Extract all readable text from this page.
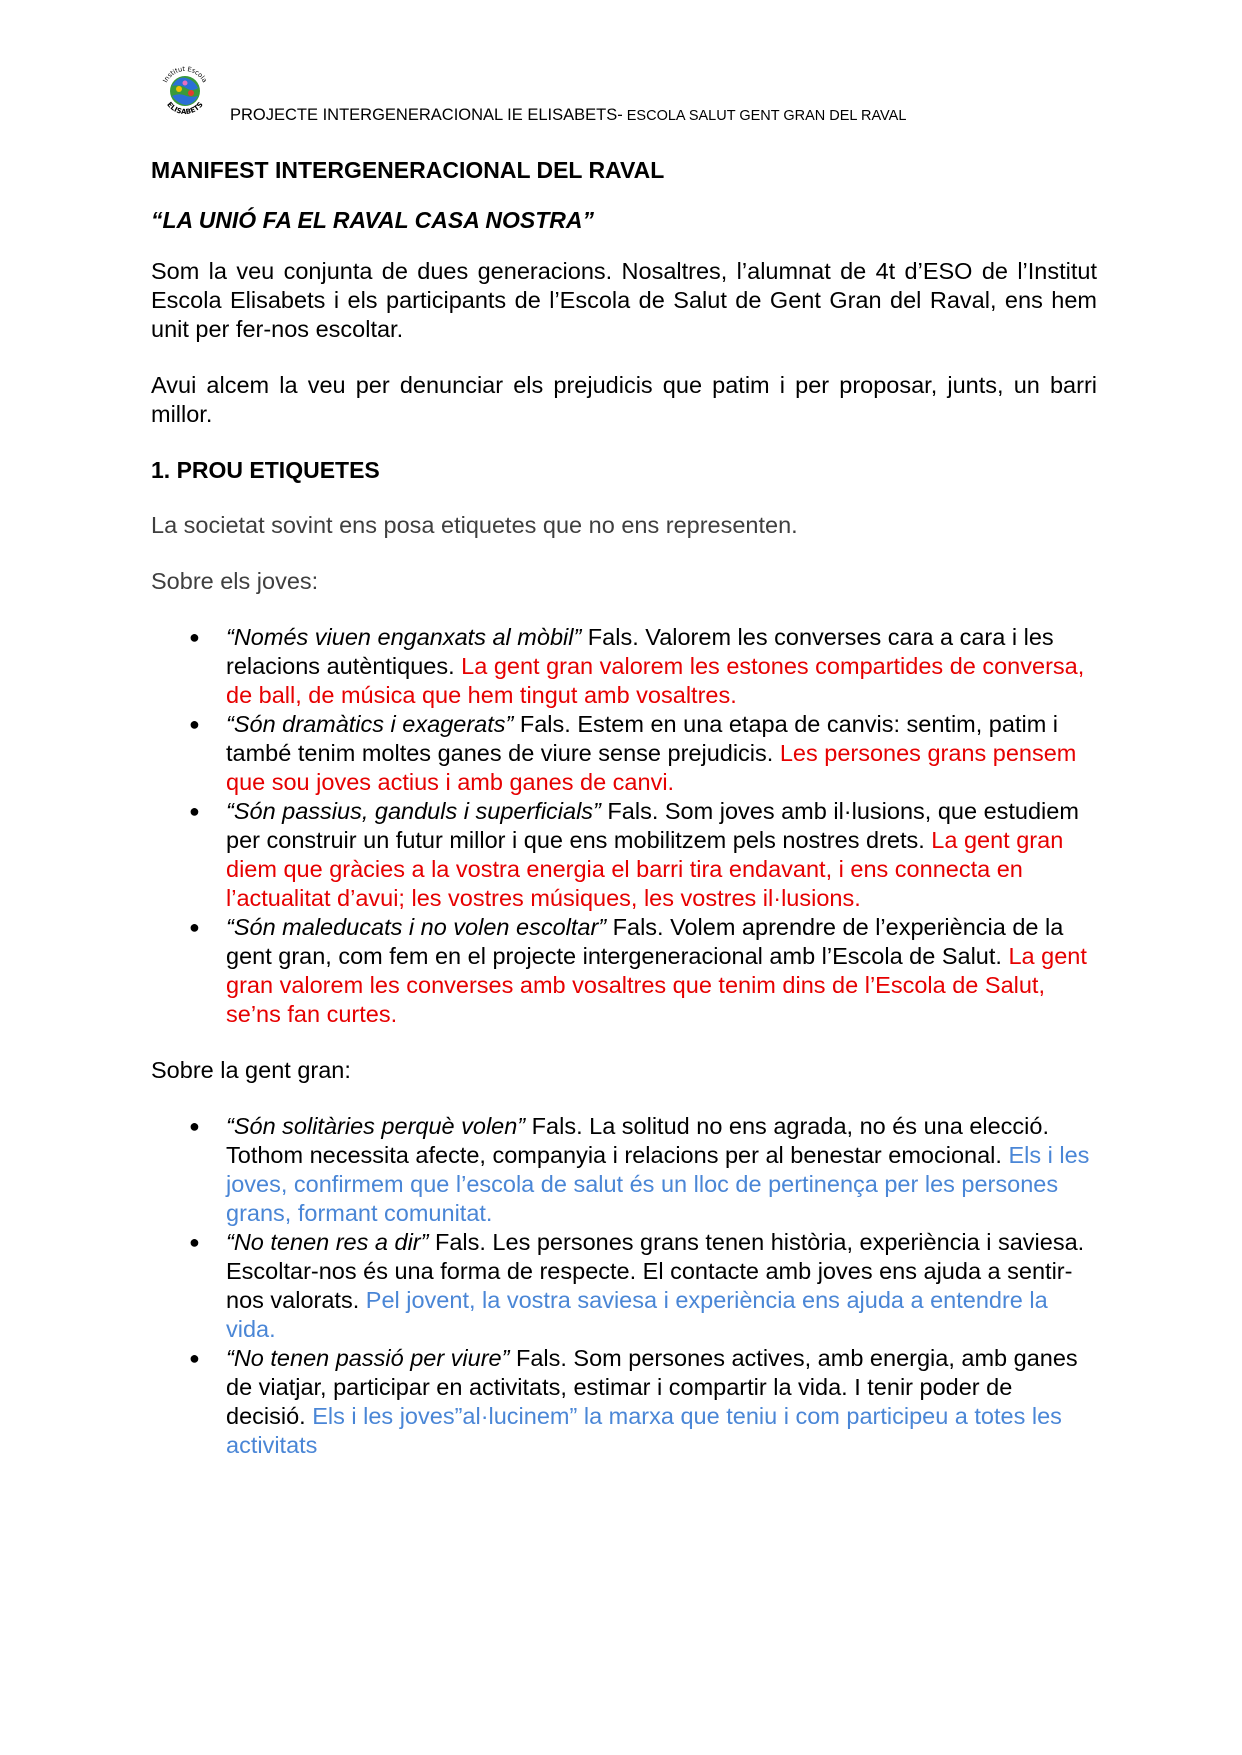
Institut Escola
ELISABETS
PROJECTE INTERGENERACIONAL IE ELISABETS- ESCOLA SALUT GENT GRAN DEL RAVAL
MANIFEST INTERGENERACIONAL DEL RAVAL
“LA UNIÓ FA EL RAVAL CASA NOSTRA”

Som la veu conjunta de dues generacions. Nosaltres, l’alumnat de 4t d’ESO de l’Institut Escola Elisabets i els participants de l’Escola de Salut de Gent Gran del Raval, ens hem unit per fer-nos escoltar.

Avui alcem la veu per denunciar els prejudicis que patim i per proposar, junts, un barri millor.

1. PROU ETIQUETES

La societat sovint ens posa etiquetes que no ens representen.

Sobre els joves:

● “Només viuen enganxats al mòbil” Fals. Valorem les converses cara a cara i les relacions autèntiques. La gent gran valorem les estones compartides de conversa, de ball, de música que hem tingut amb vosaltres.
● “Són dramàtics i exagerats” Fals. Estem en una etapa de canvis: sentim, patim i també tenim moltes ganes de viure sense prejudicis. Les persones grans pensem que sou joves actius i amb ganes de canvi.
● “Són passius, ganduls i superficials” Fals. Som joves amb il·lusions, que estudiem per construir un futur millor i que ens mobilitzem pels nostres drets. La gent gran diem que gràcies a la vostra energia el barri tira endavant, i ens connecta en l’actualitat d’avui; les vostres músiques, les vostres il·lusions.
● “Són maleducats i no volen escoltar” Fals. Volem aprendre de l’experiència de la gent gran, com fem en el projecte intergeneracional amb l’Escola de Salut. La gent gran valorem les converses amb vosaltres que tenim dins de l’Escola de Salut, se’ns fan curtes.

Sobre la gent gran:

● “Són solitàries perquè volen” Fals. La solitud no ens agrada, no és una elecció. Tothom necessita afecte, companyia i relacions per al benestar emocional. Els i les joves, confirmem que l’escola de salut és un lloc de pertinença per les persones grans, formant comunitat.
● “No tenen res a dir” Fals. Les persones grans tenen història, experiència i saviesa. Escoltar-nos és una forma de respecte. El contacte amb joves ens ajuda a sentir-nos valorats. Pel jovent, la vostra saviesa i experiència ens ajuda a entendre la vida.
● “No tenen passió per viure” Fals. Som persones actives, amb energia, amb ganes de viatjar, participar en activitats, estimar i compartir la vida. I tenir poder de decisió. Els i les joves”al·lucinem” la marxa que teniu i com participeu a totes les activitats
